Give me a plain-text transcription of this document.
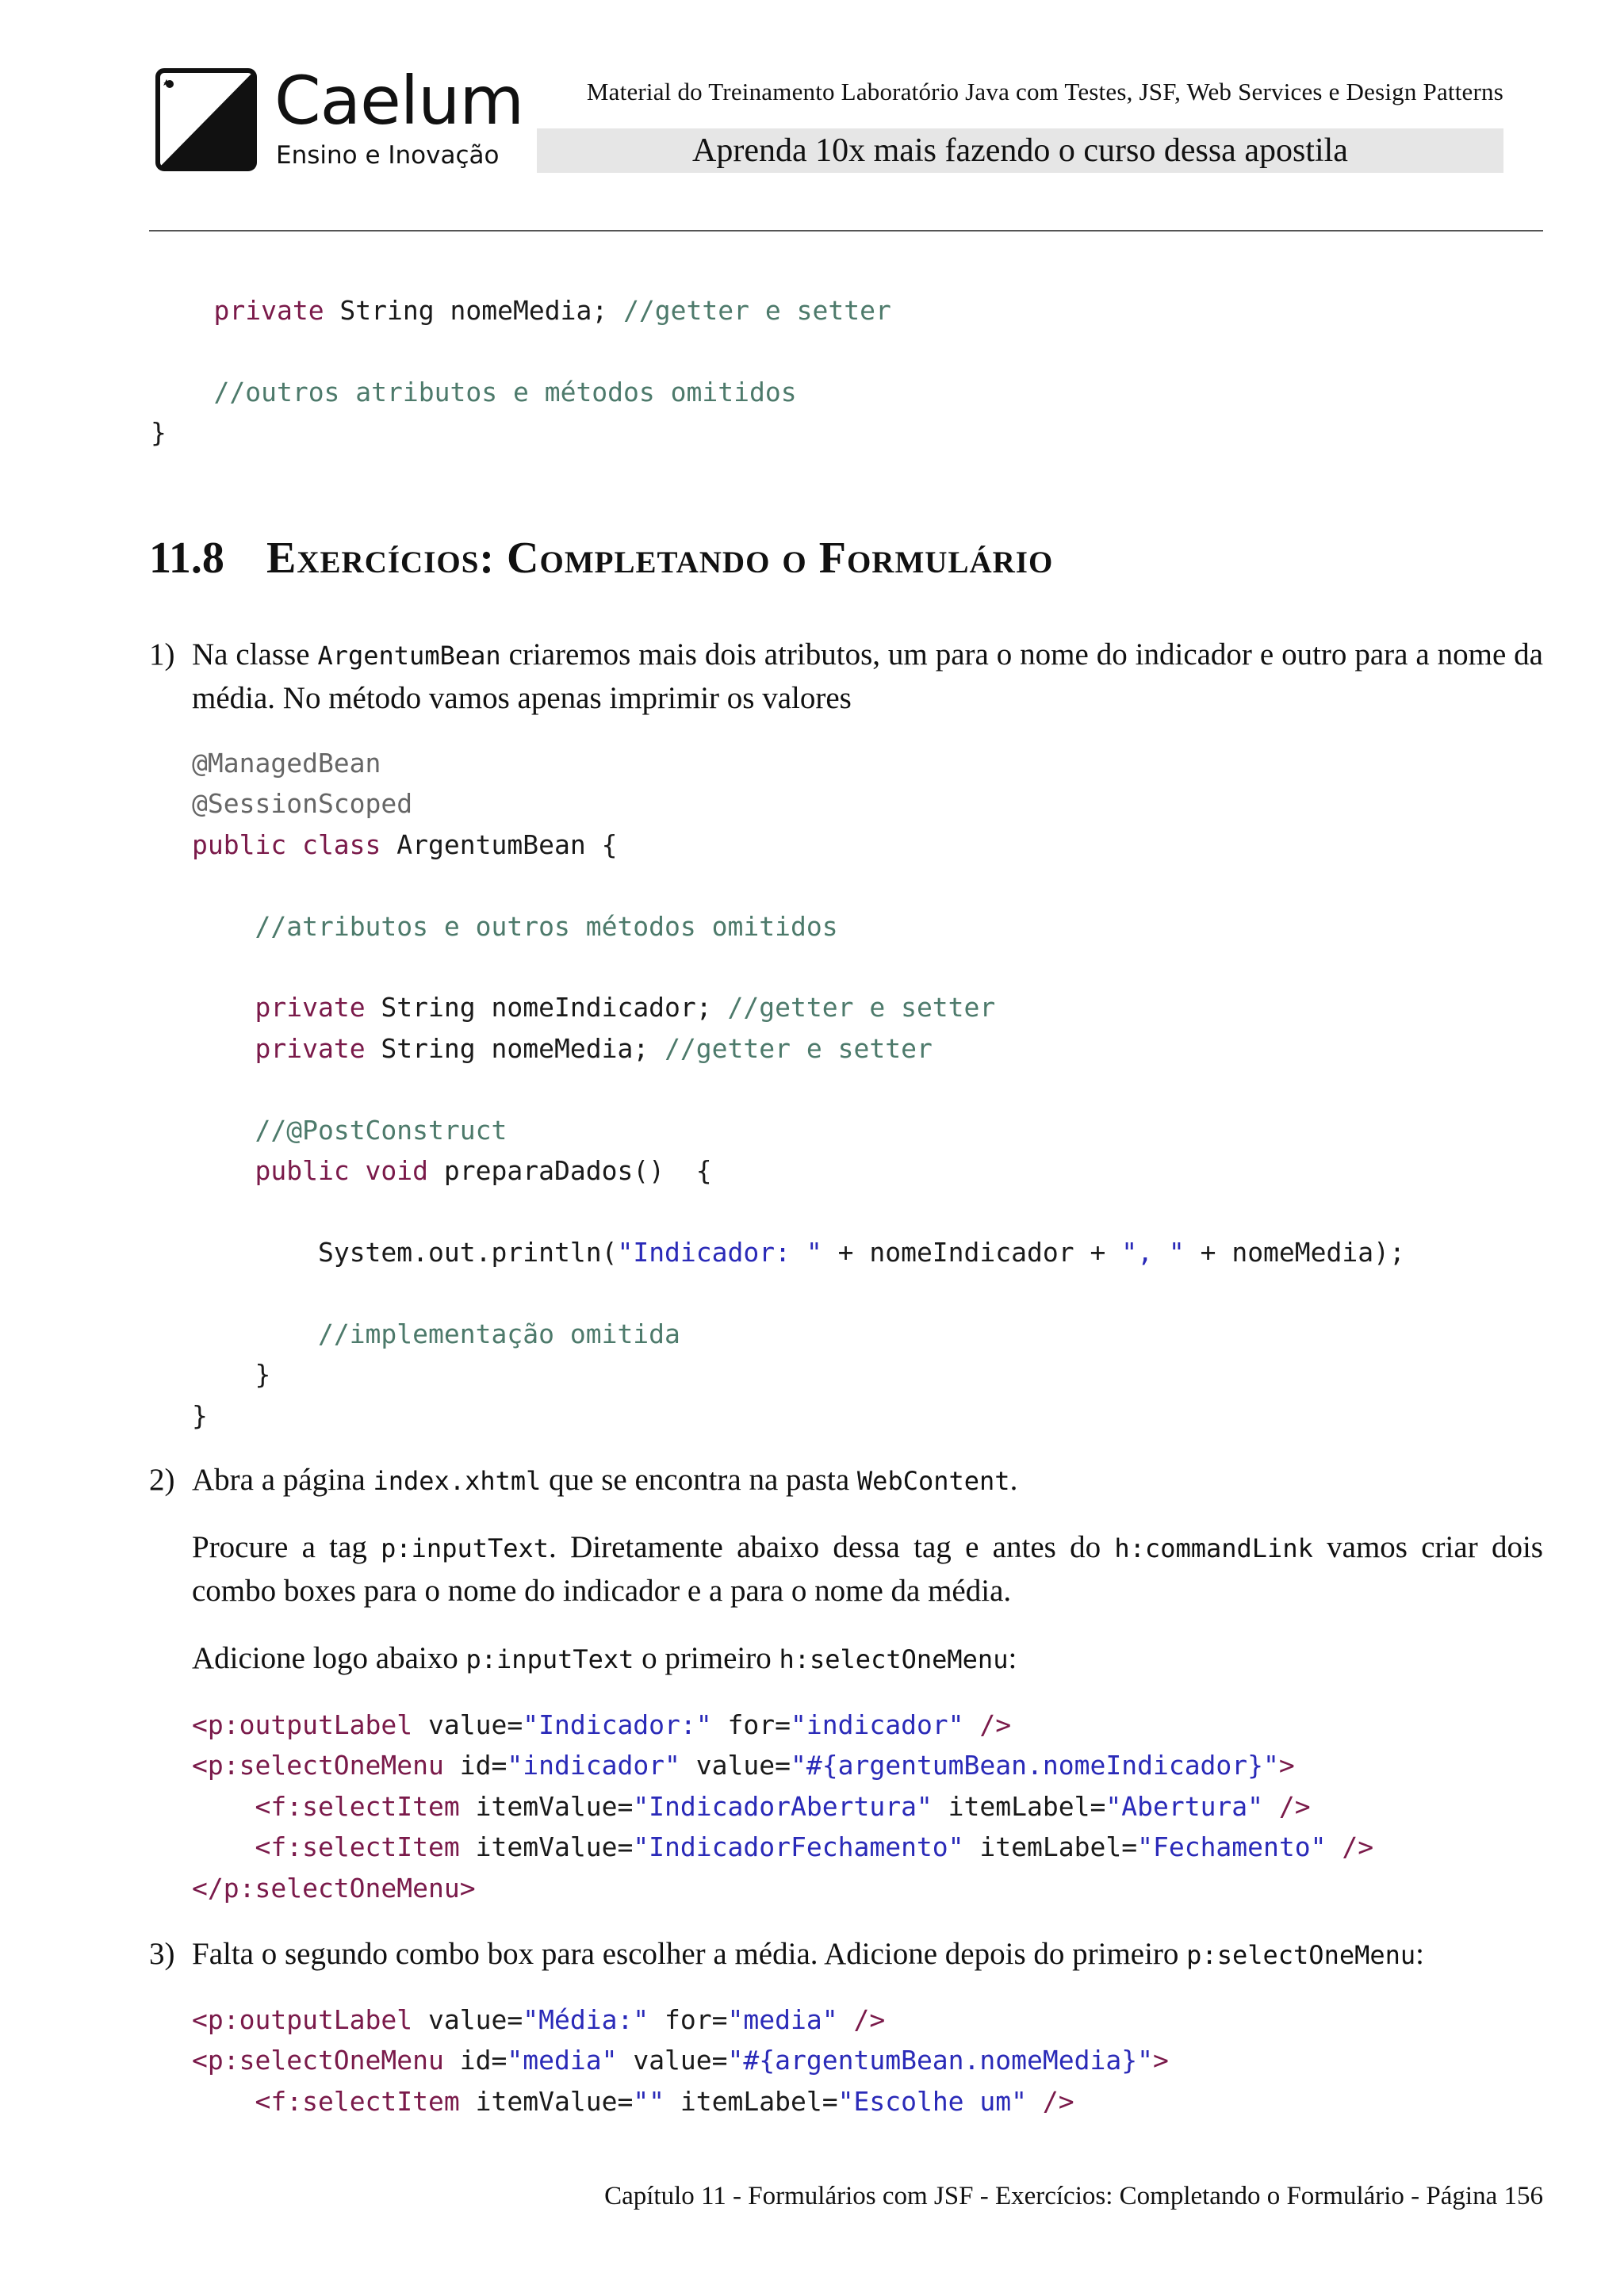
Caelum
Ensino e Inovação
Material do Treinamento Laboratório Java com Testes, JSF, Web Services e Design Patterns
Aprenda 10x mais fazendo o curso dessa apostila
private String nomeMedia; //getter e setter

//outros atributos e métodos omitidos
}
11.8 Exercícios: Completando o Formulário
1) Na classe ArgentumBean criaremos mais dois atributos, um para o nome do indicador e outro para a nome da média. No método vamos apenas imprimir os valores
@ManagedBean
@SessionScoped
public class ArgentumBean {

//atributos e outros métodos omitidos

private String nomeIndicador; //getter e setter
private String nomeMedia; //getter e setter

//@PostConstruct
public void preparaDados()  {

System.out.println("Indicador: " + nomeIndicador + ", " + nomeMedia);

//implementação omitida
}
}
2) Abra a página index.xhtml que se encontra na pasta WebContent.
Procure a tag p:inputText. Diretamente abaixo dessa tag e antes do h:commandLink vamos criar dois combo boxes para o nome do indicador e a para o nome da média.
Adicione logo abaixo p:inputText o primeiro h:selectOneMenu:
<p:outputLabel value="Indicador:" for="indicador" />
<p:selectOneMenu id="indicador" value="#{argentumBean.nomeIndicador}">
<f:selectItem itemValue="IndicadorAbertura" itemLabel="Abertura" />
<f:selectItem itemValue="IndicadorFechamento" itemLabel="Fechamento" />
</p:selectOneMenu>
3) Falta o segundo combo box para escolher a média. Adicione depois do primeiro p:selectOneMenu:
<p:outputLabel value="Média:" for="media" />
<p:selectOneMenu id="media" value="#{argentumBean.nomeMedia}">
<f:selectItem itemValue="" itemLabel="Escolhe um" />
Capítulo 11 - Formulários com JSF - Exercícios: Completando o Formulário - Página 156
